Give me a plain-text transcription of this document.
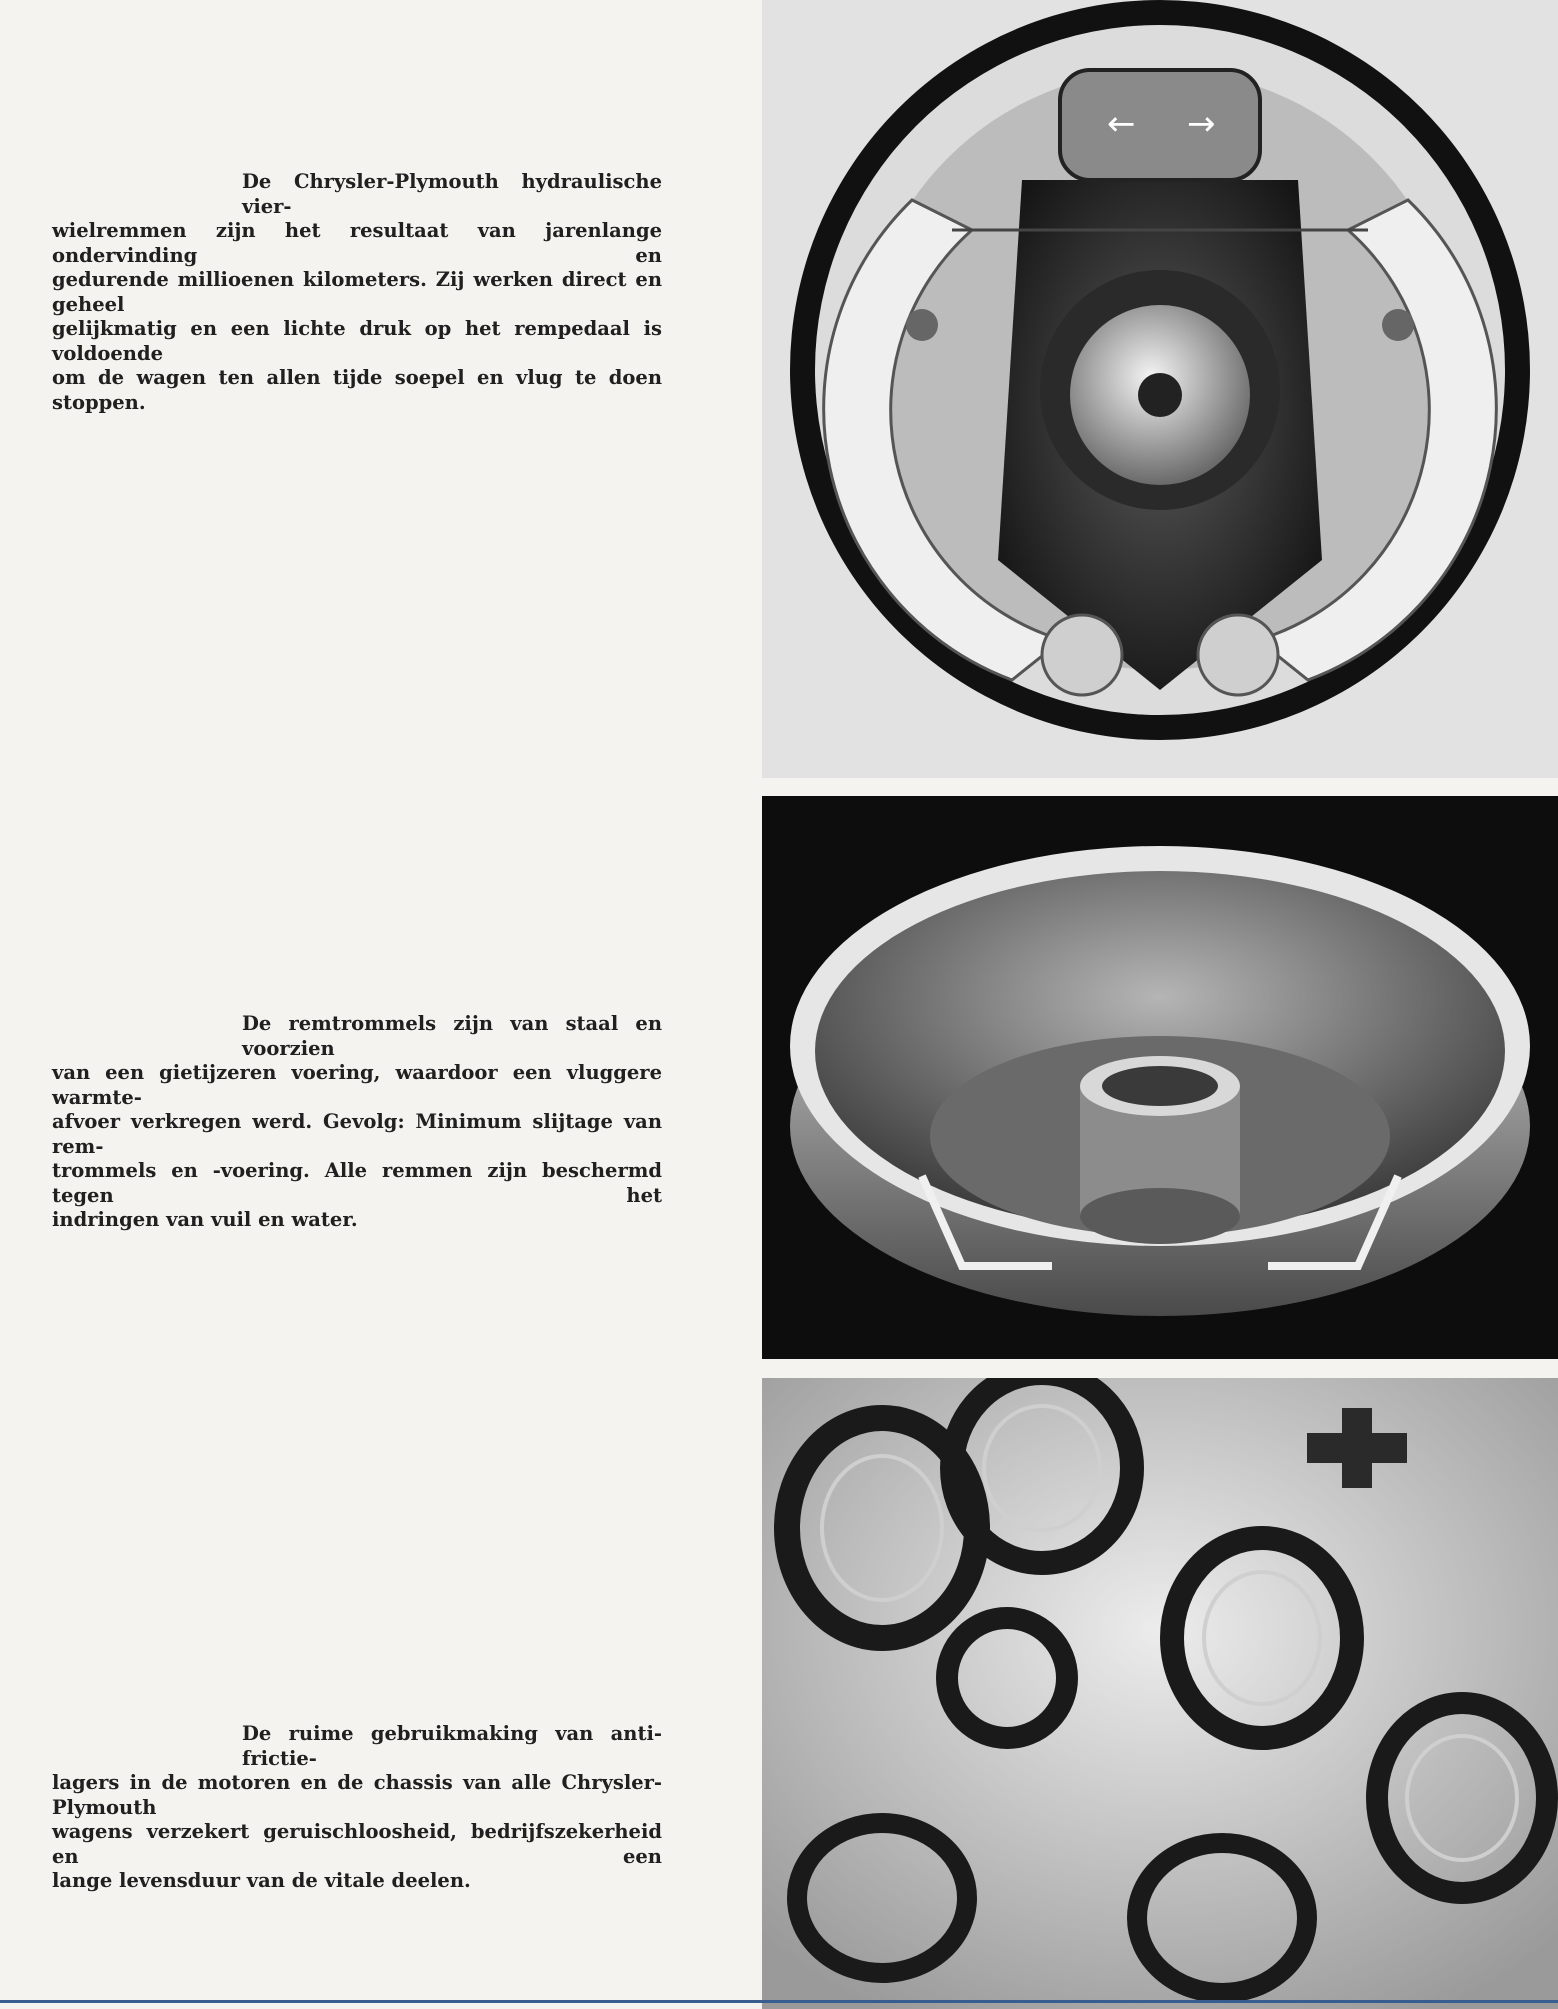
De Chrysler-Plymouth hydraulische vier-
wielremmen zijn het resultaat van jarenlange ondervinding en
gedurende millioenen kilometers. Zij werken direct en geheel
gelijkmatig en een lichte druk op het rempedaal is voldoende
om de wagen ten allen tijde soepel en vlug te doen stoppen.
De remtrommels zijn van staal en voorzien
van een gietijzeren voering, waardoor een vluggere warmte-
afvoer verkregen werd. Gevolg: Minimum slijtage van rem-
trommels en -voering. Alle remmen zijn beschermd tegen het
indringen van vuil en water.
De ruime gebruikmaking van anti-frictie-
lagers in de motoren en de chassis van alle Chrysler-Plymouth
wagens verzekert geruischloosheid, bedrijfszekerheid en een
lange levensduur van de vitale deelen.
← →
